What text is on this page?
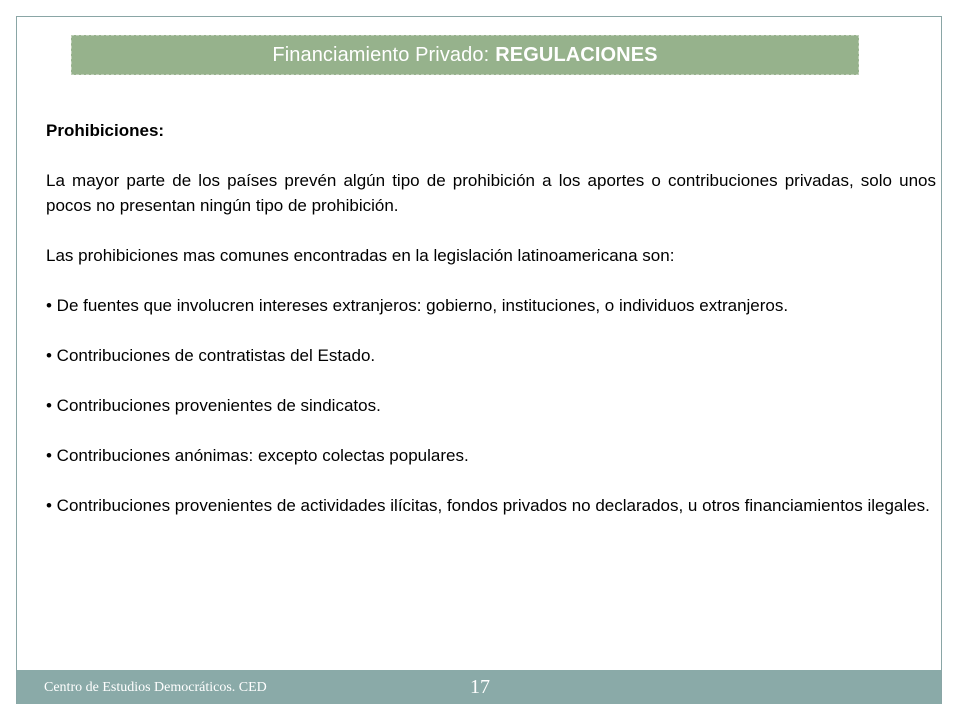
Financiamiento Privado: REGULACIONES

Prohibiciones:

La mayor parte de los países prevén algún tipo de prohibición a los aportes o contribuciones privadas, solo unos pocos no presentan ningún tipo de prohibición.

Las prohibiciones mas comunes encontradas en la legislación latinoamericana son:

• De fuentes que involucren intereses extranjeros: gobierno, instituciones, o individuos extranjeros.

• Contribuciones de contratistas del Estado.

• Contribuciones provenientes de sindicatos.

• Contribuciones anónimas: excepto colectas populares.

• Contribuciones provenientes de actividades ilícitas, fondos privados no declarados, u otros financiamientos ilegales.

Centro de Estudios Democráticos. CED	17
